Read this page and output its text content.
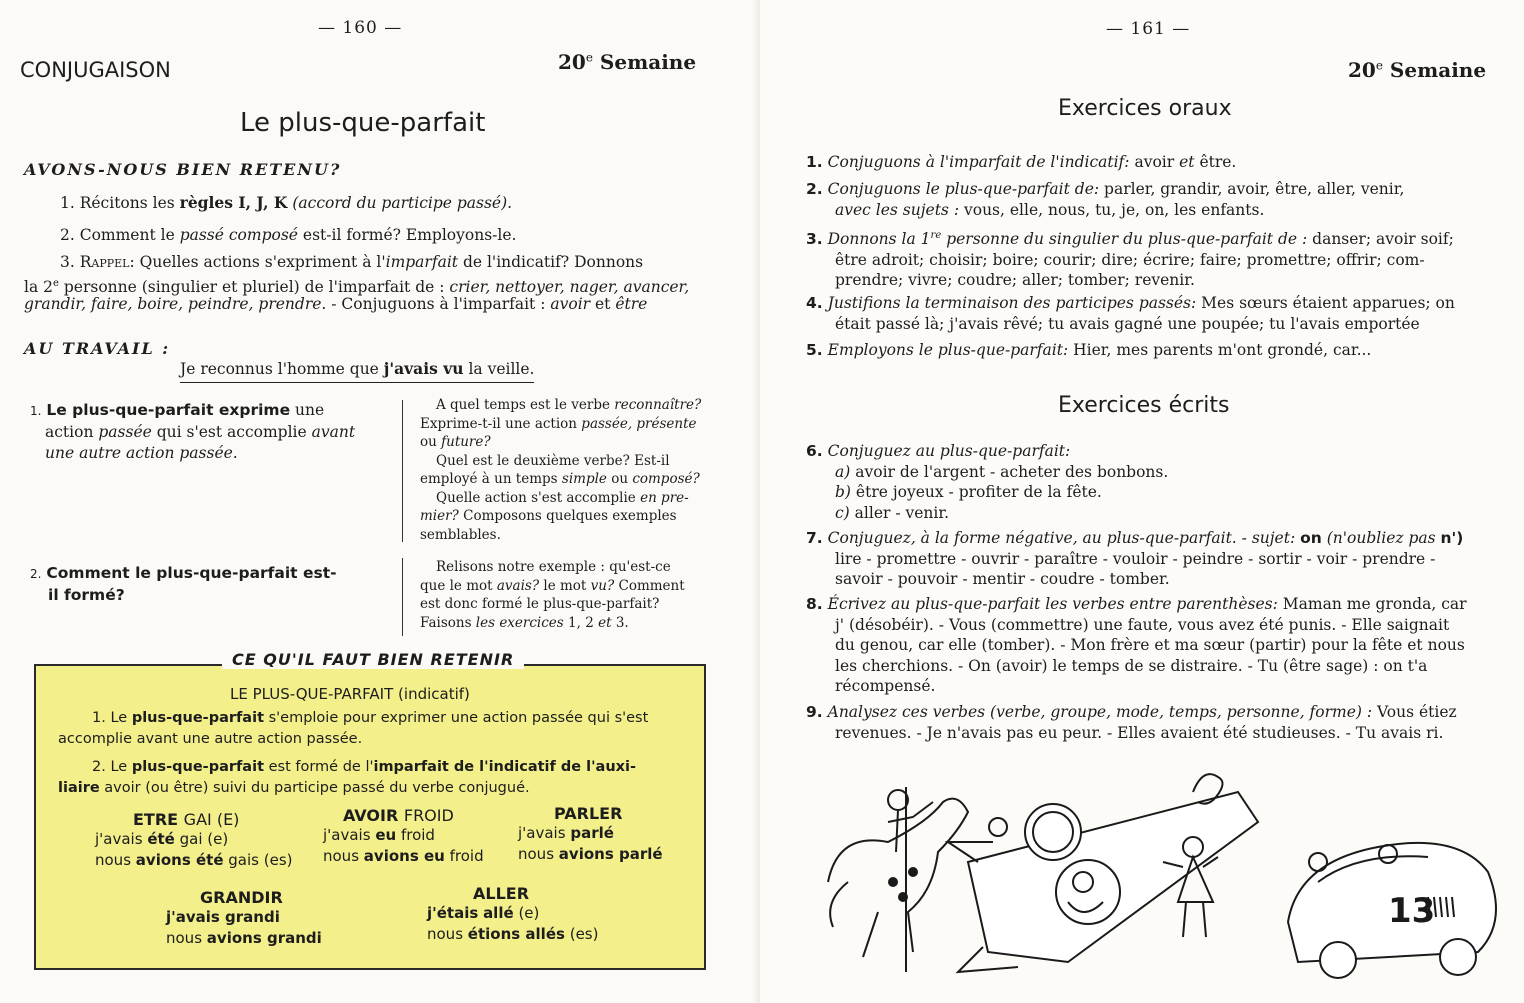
— 160 —
CONJUGAISON	20e Semaine
Le plus-que-parfait
AVONS-NOUS BIEN RETENU?
1. Récitons les règles I, J, K (accord du participe passé).
2. Comment le passé composé est-il formé? Employons-le.
3. Rappel: Quelles actions s'expriment à l'imparfait de l'indicatif? Donnons
la 2e personne (singulier et pluriel) de l'imparfait de : crier, nettoyer, nager, avancer,
grandir, faire, boire, peindre, prendre. - Conjuguons à l'imparfait : avoir et être
AU TRAVAIL :
Je reconnus l'homme que j'avais vu la veille.
1. Le plus-que-parfait exprime une
action passée qui s'est accomplie avant
une autre action passée.
A quel temps est le verbe reconnaître?
Exprime-t-il une action passée, présente
ou future?
Quel est le deuxième verbe? Est-il
employé à un temps simple ou composé?
Quelle action s'est accomplie en pre-
mier? Composons quelques exemples
semblables.
2. Comment le plus-que-parfait est-
il formé?
Relisons notre exemple : qu'est-ce
que le mot avais? le mot vu? Comment
est donc formé le plus-que-parfait?
Faisons les exercices 1, 2 et 3.
CE QU'IL FAUT BIEN RETENIR
LE PLUS-QUE-PARFAIT (indicatif)
1. Le plus-que-parfait s'emploie pour exprimer une action passée qui s'est
accomplie avant une autre action passée.
2. Le plus-que-parfait est formé de l'imparfait de l'indicatif de l'auxi-
liaire avoir (ou être) suivi du participe passé du verbe conjugué.
ETRE GAI (E)
j'avais été gai (e)
nous avions été gais (es)
AVOIR FROID
j'avais eu froid
nous avions eu froid
PARLER
j'avais parlé
nous avions parlé
GRANDIR
j'avais grandi
nous avions grandi
ALLER
j'étais allé (e)
nous étions allés (es)
— 161 —
20e Semaine
Exercices oraux
1. Conjuguons à l'imparfait de l'indicatif: avoir et être.
2. Conjuguons le plus-que-parfait de: parler, grandir, avoir, être, aller, venir,
avec les sujets : vous, elle, nous, tu, je, on, les enfants.
3. Donnons la 1re personne du singulier du plus-que-parfait de : danser; avoir soif;
être adroit; choisir; boire; courir; dire; écrire; faire; promettre; offrir; com-
prendre; vivre; coudre; aller; tomber; revenir.
4. Justifions la terminaison des participes passés: Mes sœurs étaient apparues; on
était passé là; j'avais rêvé; tu avais gagné une poupée; tu l'avais emportée
5. Employons le plus-que-parfait: Hier, mes parents m'ont grondé, car...
Exercices écrits
6. Conjuguez au plus-que-parfait:
a) avoir de l'argent - acheter des bonbons.
b) être joyeux - profiter de la fête.
c) aller - venir.
7. Conjuguez, à la forme négative, au plus-que-parfait. - sujet: on (n'oubliez pas n')
lire - promettre - ouvrir - paraître - vouloir - peindre - sortir - voir - prendre -
savoir - pouvoir - mentir - coudre - tomber.
8. Écrivez au plus-que-parfait les verbes entre parenthèses: Maman me gronda, car
j' (désobéir). - Vous (commettre) une faute, vous avez été punis. - Elle saignait
du genou, car elle (tomber). - Mon frère et ma sœur (partir) pour la fête et nous
les cherchions. - On (avoir) le temps de se distraire. - Tu (être sage) : on t'a
récompensé.
9. Analysez ces verbes (verbe, groupe, mode, temps, personne, forme) : Vous étiez
revenues. - Je n'avais pas eu peur. - Elles avaient été studieuses. - Tu avais ri.
13
